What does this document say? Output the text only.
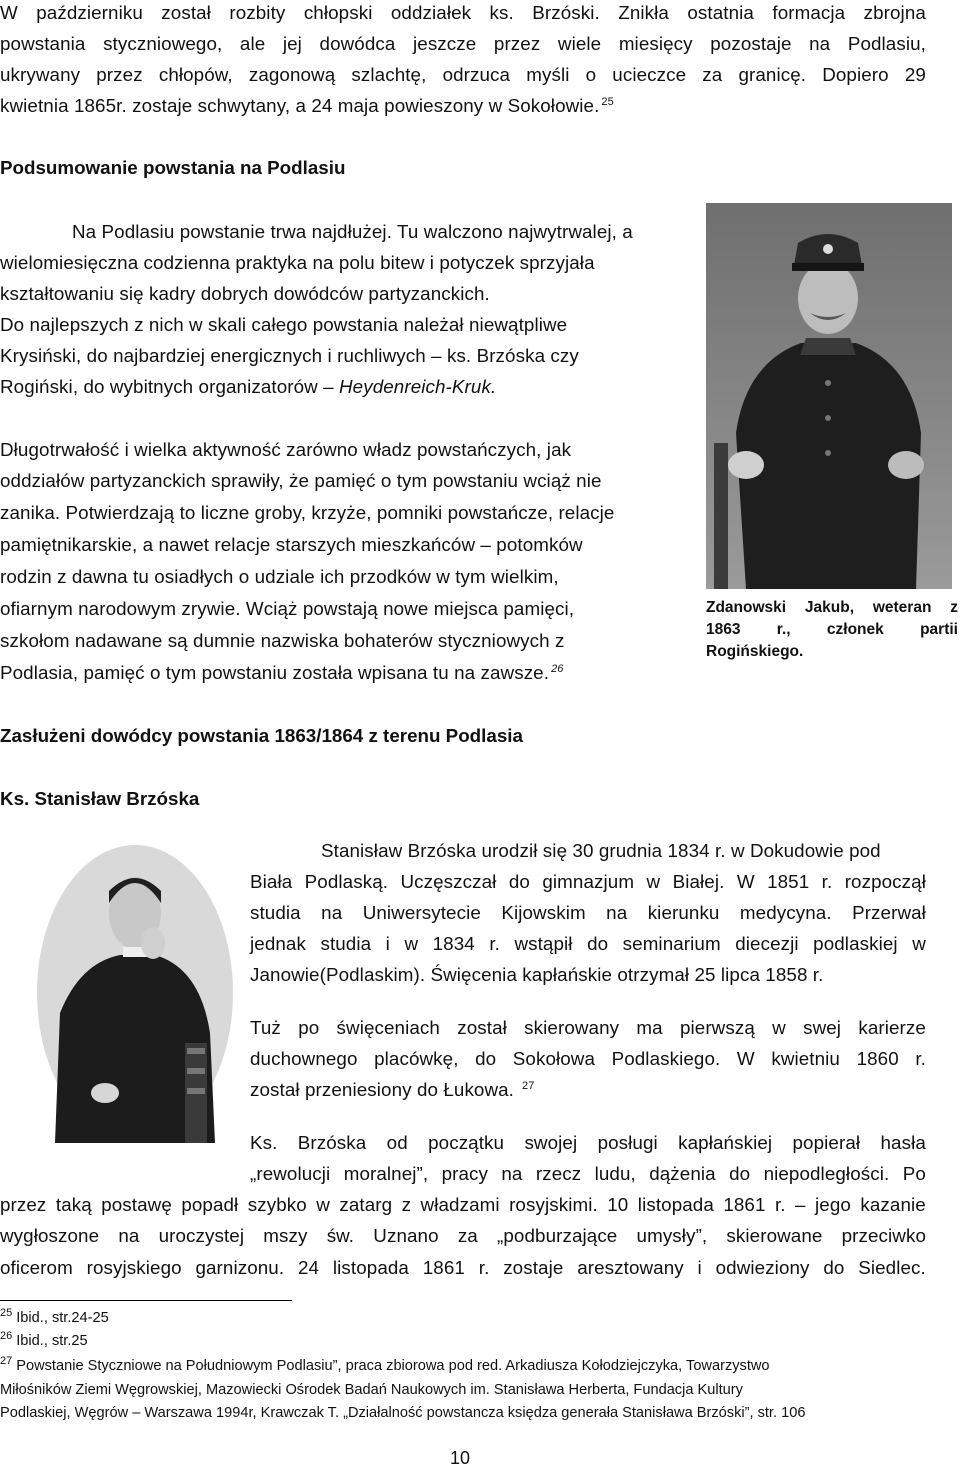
W październiku został rozbity chłopski oddziałek ks. Brzóski. Znikła ostatnia formacja zbrojna
powstania styczniowego, ale jej dowódca jeszcze przez wiele miesięcy pozostaje na Podlasiu,
ukrywany przez chłopów, zagonową szlachtę, odrzuca myśli o ucieczce za granicę. Dopiero 29
kwietnia 1865r. zostaje schwytany, a 24 maja powieszony w Sokołowie. $^{25}$
Podsumowanie powstania na Podlasiu
Na Podlasiu powstanie trwa najdłużej. Tu walczono najwytrwalej, a
wielomiesięczna codzienna praktyka na polu bitew i potyczek sprzyjała
kształtowaniu się kadry dobrych dowódców partyzanckich.
Do najlepszych z nich w skali całego powstania należał niewątpliwe
Krysiński, do najbardziej energicznych i ruchliwych – ks. Brzóska czy
Rogiński, do wybitnych organizatorów – Heydenreich-Kruk.
Długotrwałość i wielka aktywność zarówno władz powstańczych, jak
oddziałów partyzanckich sprawiły, że pamięć o tym powstaniu wciąż nie
zanika. Potwierdzają to liczne groby, krzyże, pomniki powstańcze, relacje
pamiętnikarskie, a nawet relacje starszych mieszkańców – potomków
rodzin z dawna tu osiadłych o udziale ich przodków w tym wielkim,
ofiarnym narodowym zrywie. Wciąż powstają nowe miejsca pamięci,
szkołom nadawane są dumnie nazwiska bohaterów styczniowych z
Podlasia, pamięć o tym powstaniu została wpisana tu na zawsze. $^{26}$
Zdanowski Jakub, weteran z
1863 r., członek partii
Rogińskiego.
Zasłużeni dowódcy powstania 1863/1864 z terenu Podlasia
Ks. Stanisław Brzóska
Stanisław Brzóska urodził się 30 grudnia 1834 r. w Dokudowie pod
Biała Podlaską. Uczęszczał do gimnazjum w Białej. W 1851 r. rozpoczął
studia na Uniwersytecie Kijowskim na kierunku medycyna. Przerwał
jednak studia i w 1834 r. wstąpił do seminarium diecezji podlaskiej w
Janowie(Podlaskim). Święcenia kapłańskie otrzymał 25 lipca 1858 r.
Tuż po święceniach został skierowany ma pierwszą w swej karierze
duchownego placówkę, do Sokołowa Podlaskiego. W kwietniu 1860 r.
został przeniesiony do Łukowa. $^{27}$
Ks. Brzóska od początku swojej posługi kapłańskiej popierał hasła
„rewolucji moralnej”, pracy na rzecz ludu, dążenia do niepodległości. Po
przez taką postawę popadł szybko w zatarg z władzami rosyjskimi. 10 listopada 1861 r. – jego kazanie
wygłoszone na uroczystej mszy św. Uznano za „podburzające umysły”, skierowane przeciwko
oficerom rosyjskiego garnizonu. 24 listopada 1861 r. zostaje aresztowany i odwieziony do Siedlec.
$^{25}$ Ibid., str.24-25
$^{26}$ Ibid., str.25
$^{27}$ Powstanie Styczniowe na Południowym Podlasiu”, praca zbiorowa pod red. Arkadiusza Kołodziejczyka, Towarzystwo
Miłośników Ziemi Węgrowskiej, Mazowiecki Ośrodek Badań Naukowych im. Stanisława Herberta, Fundacja Kultury
Podlaskiej, Węgrów – Warszawa 1994r, Krawczak T. „Działalność powstancza księdza generała Stanisława Brzóski”, str. 106
10
